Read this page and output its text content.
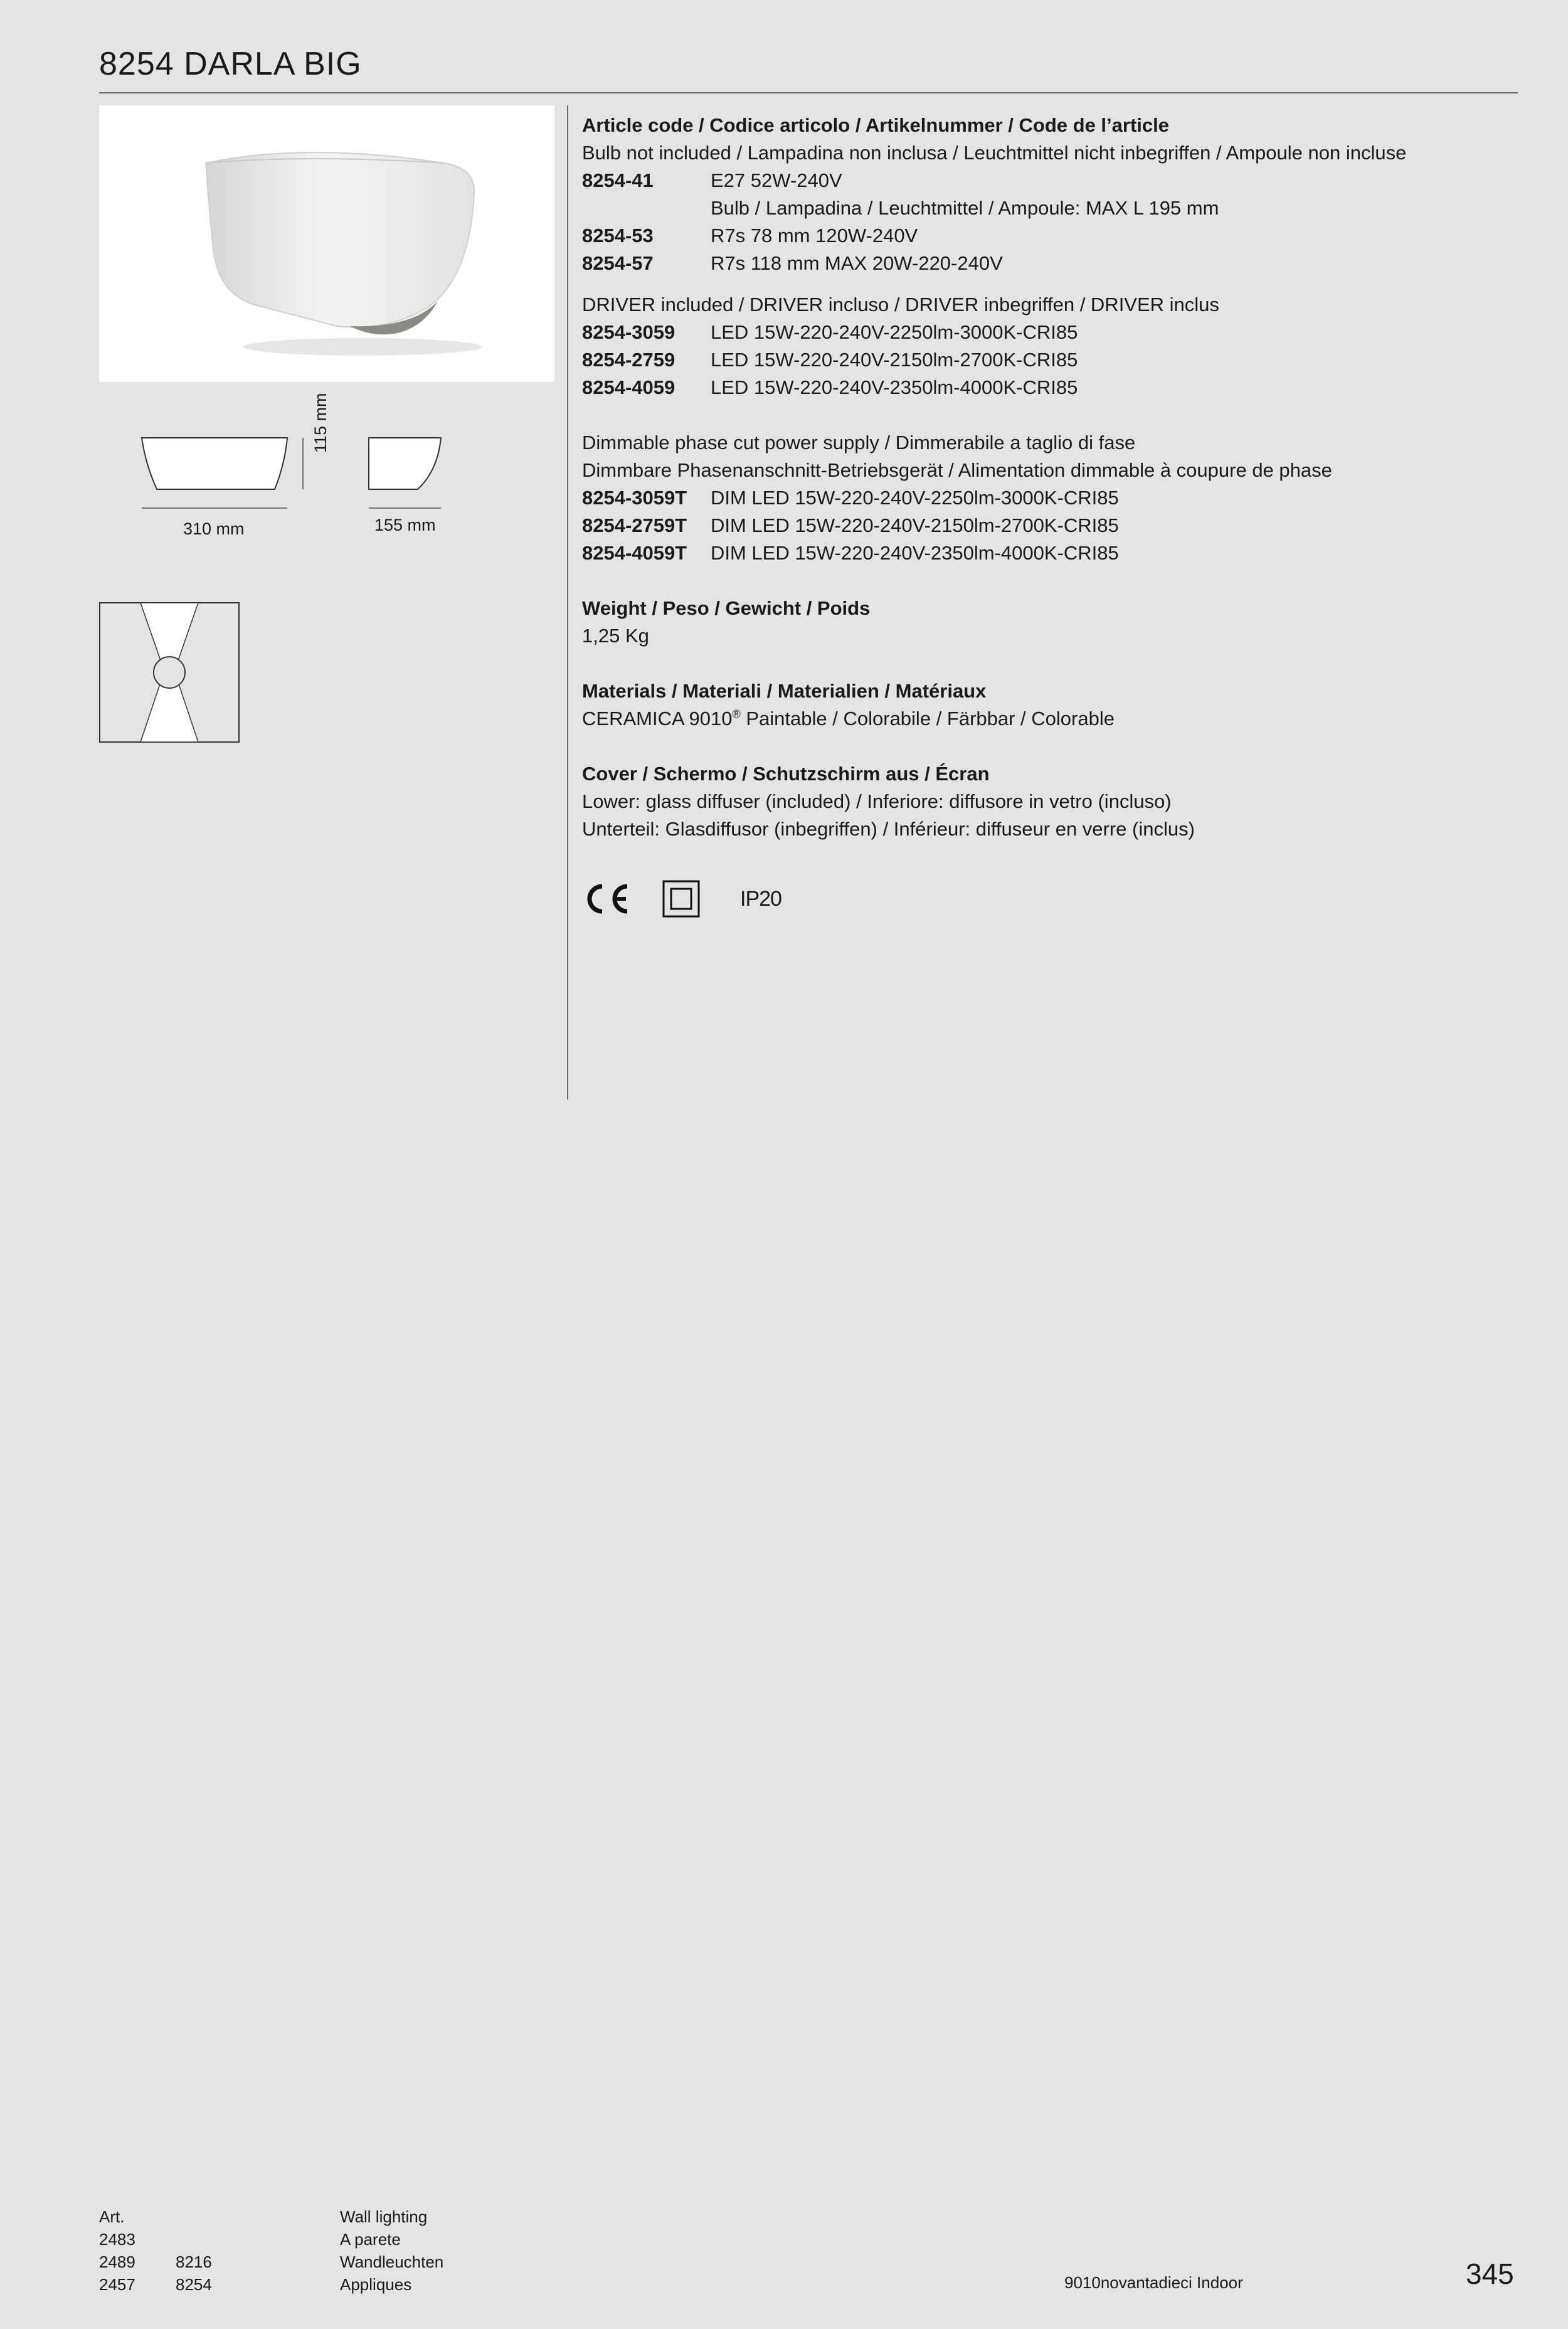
8254 DARLA BIG
310 mm
115 mm
155 mm
Article code / Codice articolo / Artikelnummer / Code de l’article
Bulb not included / Lampadina non inclusa / Leuchtmittel nicht inbegriffen / Ampoule non incluse
8254-41	E27 52W-240V
Bulb / Lampadina / Leuchtmittel / Ampoule: MAX L 195 mm
8254-53	R7s 78 mm 120W-240V
8254-57	R7s 118 mm MAX 20W-220-240V
DRIVER included / DRIVER incluso / DRIVER inbegriffen / DRIVER inclus
8254-3059	LED 15W-220-240V-2250lm-3000K-CRI85
8254-2759	LED 15W-220-240V-2150lm-2700K-CRI85
8254-4059	LED 15W-220-240V-2350lm-4000K-CRI85
Dimmable phase cut power supply / Dimmerabile a taglio di fase
Dimmbare Phasenanschnitt-Betriebsgerät / Alimentation dimmable à coupure de phase
8254-3059T	DIM LED 15W-220-240V-2250lm-3000K-CRI85
8254-2759T	DIM LED 15W-220-240V-2150lm-2700K-CRI85
8254-4059T	DIM LED 15W-220-240V-2350lm-4000K-CRI85
Weight / Peso / Gewicht / Poids
1,25 Kg
Materials / Materiali / Materialien / Matériaux
CERAMICA 9010® Paintable / Colorabile / Färbbar / Colorable
Cover / Schermo / Schutzschirm aus / Écran
Lower: glass diffuser (included) / Inferiore: diffusore in vetro (incluso)
Unterteil: Glasdiffusor (inbegriffen) / Inférieur: diffuseur en verre (inclus)
IP20
Art.
2483
2489	8216
2457	8254
Wall lighting
A parete
Wandleuchten
Appliques	9010novantadieci Indoor	345
